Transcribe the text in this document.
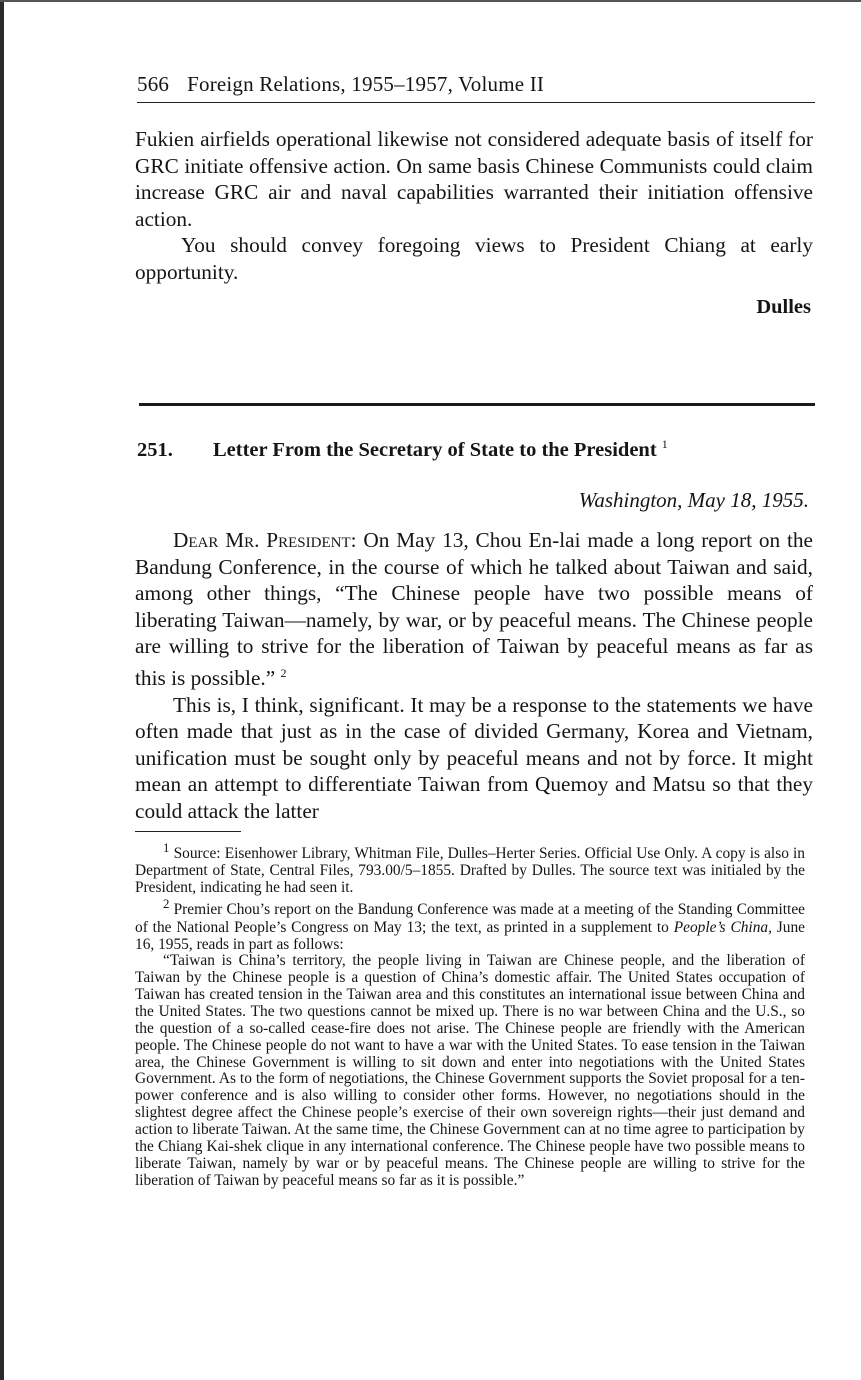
566 Foreign Relations, 1955–1957, Volume II

Fukien airfields operational likewise not considered adequate basis of itself for GRC initiate offensive action. On same basis Chinese Communists could claim increase GRC air and naval capabilities warranted their initiation offensive action.

You should convey foregoing views to President Chiang at early opportunity.

Dulles
251. Letter From the Secretary of State to the President $^1$
Washington, May 18, 1955.

Dear Mr. President: On May 13, Chou En-lai made a long report on the Bandung Conference, in the course of which he talked about Taiwan and said, among other things, “The Chinese people have two possible means of liberating Taiwan—namely, by war, or by peaceful means. The Chinese people are willing to strive for the liberation of Taiwan by peaceful means as far as this is possible.” $^2$

This is, I think, significant. It may be a response to the statements we have often made that just as in the case of divided Germany, Korea and Vietnam, unification must be sought only by peaceful means and not by force. It might mean an attempt to differentiate Taiwan from Quemoy and Matsu so that they could attack the latter

$^1$ Source: Eisenhower Library, Whitman File, Dulles–Herter Series. Official Use Only. A copy is also in Department of State, Central Files, 793.00/5–1855. Drafted by Dulles. The source text was initialed by the President, indicating he had seen it.

$^2$ Premier Chou’s report on the Bandung Conference was made at a meeting of the Standing Committee of the National People’s Congress on May 13; the text, as printed in a supplement to People’s China, June 16, 1955, reads in part as follows:

“Taiwan is China’s territory, the people living in Taiwan are Chinese people, and the liberation of Taiwan by the Chinese people is a question of China’s domestic affair. The United States occupation of Taiwan has created tension in the Taiwan area and this constitutes an international issue between China and the United States. The two questions cannot be mixed up. There is no war between China and the U.S., so the question of a so-called cease-fire does not arise. The Chinese people are friendly with the American people. The Chinese people do not want to have a war with the United States. To ease tension in the Taiwan area, the Chinese Government is willing to sit down and enter into negotiations with the United States Government. As to the form of negotiations, the Chinese Government supports the Soviet proposal for a ten-power conference and is also willing to consider other forms. However, no negotiations should in the slightest degree affect the Chinese people’s exercise of their own sovereign rights—their just demand and action to liberate Taiwan. At the same time, the Chinese Government can at no time agree to participation by the Chiang Kai-shek clique in any international conference. The Chinese people have two possible means to liberate Taiwan, namely by war or by peaceful means. The Chinese people are willing to strive for the liberation of Taiwan by peaceful means so far as it is possible.”
